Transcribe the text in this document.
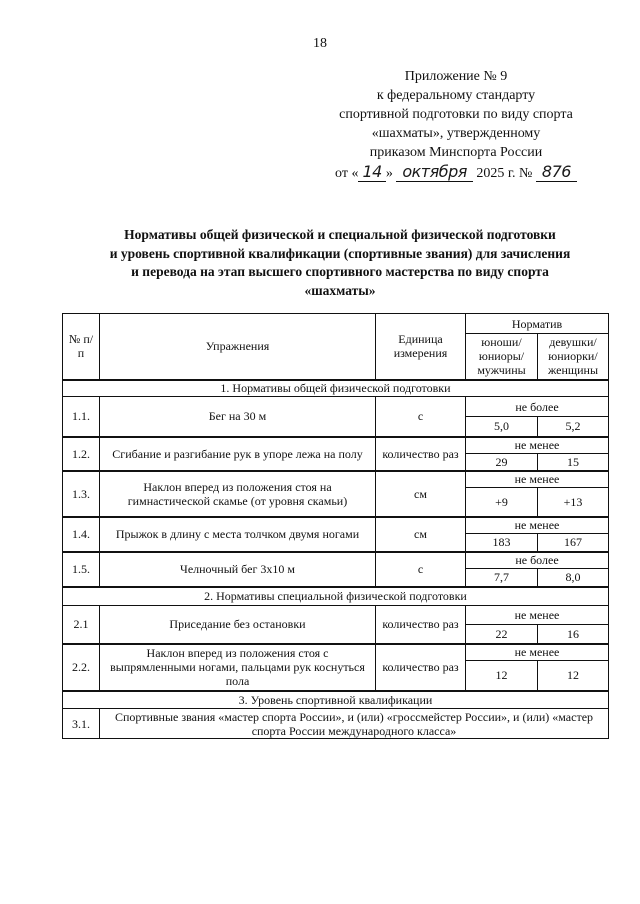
18
Приложение № 9
к федеральному стандарту
спортивной подготовки по виду спорта
«шахматы», утвержденному
приказом Минспорта России
от « 14 » октября 2025 г. № 876
Нормативы общей физической и специальной физической подготовки
и уровень спортивной квалификации (спортивные звания) для зачисления
и перевода на этап высшего спортивного мастерства по виду спорта
«шахматы»
№ п/п	Упражнения	Единица измерения	Норматив	
			юноши/ юниоры/ мужчины	девушки/ юниорки/ женщины
1. Нормативы общей физической подготовки				
1.1.	Бег на 30 м	с	не более	
			5,0	5,2
1.2.	Сгибание и разгибание рук в упоре лежа на полу	количество раз	не менее	
			29	15
1.3.	Наклон вперед из положения стоя на гимнастической скамье (от уровня скамьи)	см	не менее	
			+9	+13
1.4.	Прыжок в длину с места толчком двумя ногами	см	не менее	
			183	167
1.5.	Челночный бег 3х10 м	с	не более	
			7,7	8,0
2. Нормативы специальной физической подготовки				
2.1	Приседание без остановки	количество раз	не менее	
			22	16
2.2.	Наклон вперед из положения стоя с выпрямленными ногами, пальцами рук коснуться пола	количество раз	не менее	
			12	12
3. Уровень спортивной квалификации				
3.1.	Спортивные звания «мастер спорта России», и (или) «гроссмейстер России», и (или) «мастер спорта России международного класса»			
